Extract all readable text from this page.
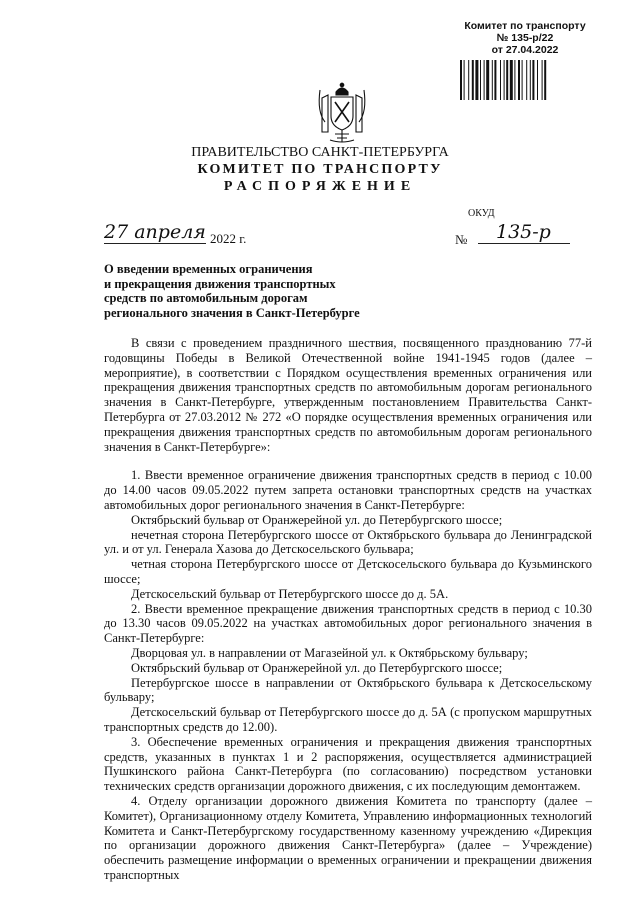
Комитет по транспорту
№ 135-р/22
от 27.04.2022
ПРАВИТЕЛЬСТВО САНКТ-ПЕТЕРБУРГА
КОМИТЕТ ПО ТРАНСПОРТУ
РАСПОРЯЖЕНИЕ
ОКУД
27 апреля 2022 г.	№ 135-р
О введении временных ограничения
и прекращения движения транспортных
средств по автомобильным дорогам
регионального значения в Санкт-Петербурге

В связи с проведением праздничного шествия, посвященного празднованию 77-й годовщины Победы в Великой Отечественной войне 1941-1945 годов (далее – мероприятие), в соответствии с Порядком осуществления временных ограничения или прекращения движения транспортных средств по автомобильным дорогам регионального значения в Санкт-Петербурге, утвержденным постановлением Правительства Санкт-Петербурга от 27.03.2012 № 272 «О порядке осуществления временных ограничения или прекращения движения транспортных средств по автомобильным дорогам регионального значения в Санкт-Петербурге»:

1. Ввести временное ограничение движения транспортных средств в период с 10.00 до 14.00 часов 09.05.2022 путем запрета остановки транспортных средств на участках автомобильных дорог регионального значения в Санкт-Петербурге:

Октябрьский бульвар от Оранжерейной ул. до Петербургского шоссе;

нечетная сторона Петербургского шоссе от Октябрьского бульвара до Ленинградской ул. и от ул. Генерала Хазова до Детскосельского бульвара;

четная сторона Петербургского шоссе от Детскосельского бульвара до Кузьминского шоссе;

Детскосельский бульвар от Петербургского шоссе до д. 5А.

2. Ввести временное прекращение движения транспортных средств в период с 10.30 до 13.30 часов 09.05.2022 на участках автомобильных дорог регионального значения в Санкт-Петербурге:

Дворцовая ул. в направлении от Магазейной ул. к Октябрьскому бульвару;

Октябрьский бульвар от Оранжерейной ул. до Петербургского шоссе;

Петербургское шоссе в направлении от Октябрьского бульвара к Детскосельскому бульвару;

Детскосельский бульвар от Петербургского шоссе до д. 5А (с пропуском маршрутных транспортных средств до 12.00).

3. Обеспечение временных ограничения и прекращения движения транспортных средств, указанных в пунктах 1 и 2 распоряжения, осуществляется администрацией Пушкинского района Санкт-Петербурга (по согласованию) посредством установки технических средств организации дорожного движения, с их последующим демонтажем.

4. Отделу организации дорожного движения Комитета по транспорту (далее – Комитет), Организационному отделу Комитета, Управлению информационных технологий Комитета и Санкт-Петербургскому государственному казенному учреждению «Дирекция по организации дорожного движения Санкт-Петербурга» (далее – Учреждение) обеспечить размещение информации о временных ограничении и прекращении движения транспортных
